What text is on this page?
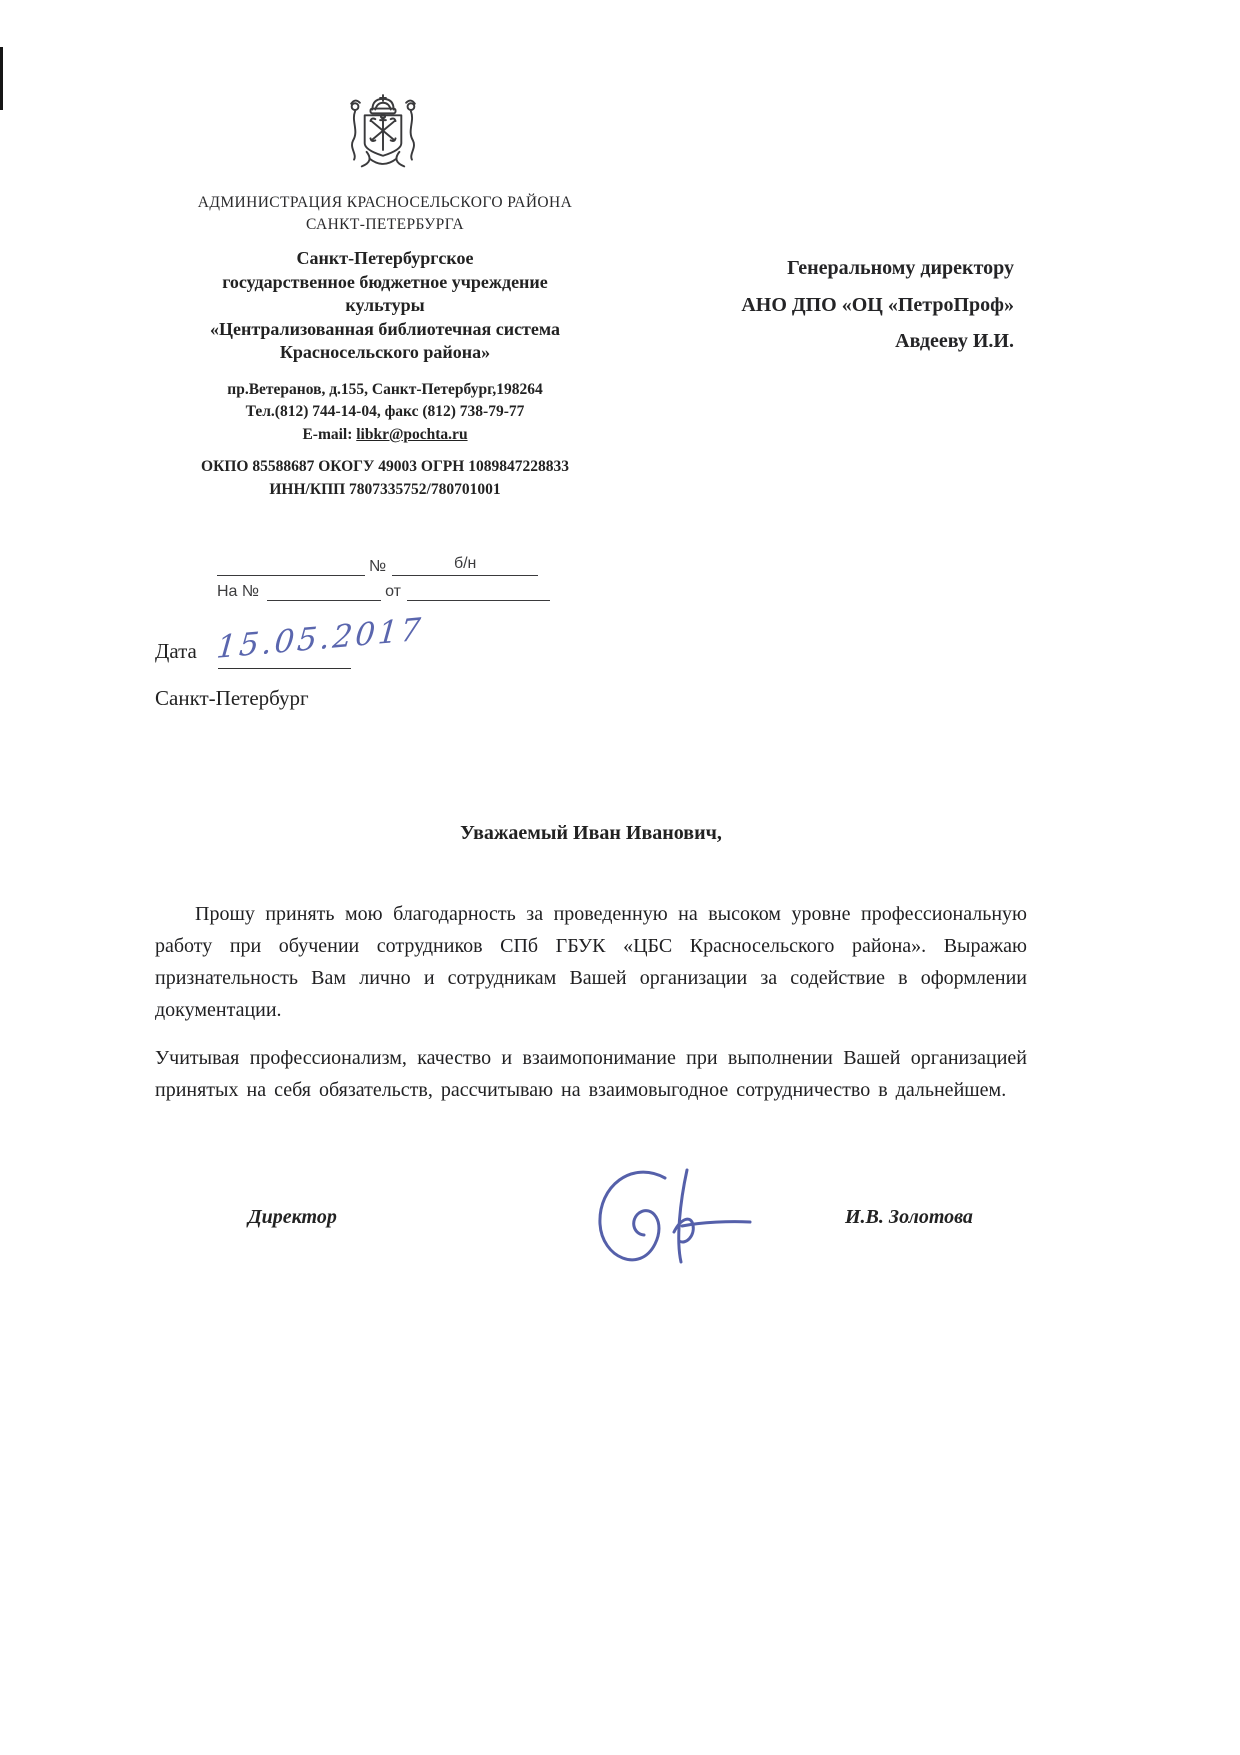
АДМИНИСТРАЦИЯ КРАСНОСЕЛЬСКОГО РАЙОНА
САНКТ-ПЕТЕРБУРГА
Санкт-Петербургское
государственное бюджетное учреждение
культуры
«Централизованная библиотечная система
Красносельского района»
пр.Ветеранов, д.155, Санкт-Петербург,198264
Тел.(812) 744-14-04, факс (812) 738-79-77
E-mail: libkr@pochta.ru
ОКПО 85588687 ОКОГУ 49003 ОГРН 1089847228833
ИНН/КПП 7807335752/780701001
Генеральному директору
АНО ДПО «ОЦ «ПетроПроф»
Авдееву И.И.
№	б/н
На №	от
Дата 15.05.2017
Санкт-Петербург
Уважаемый Иван Иванович,

Прошу принять мою благодарность за проведенную на высоком уровне профессиональную работу при обучении сотрудников СПб ГБУК «ЦБС Красносельского района». Выражаю признательность Вам лично и сотрудникам Вашей организации за содействие в оформлении документации.

Учитывая профессионализм, качество и взаимопонимание при выполнении Вашей организацией принятых на себя обязательств, рассчитываю на взаимовыгодное сотрудничество в дальнейшем.

Директор	И.В. Золотова
